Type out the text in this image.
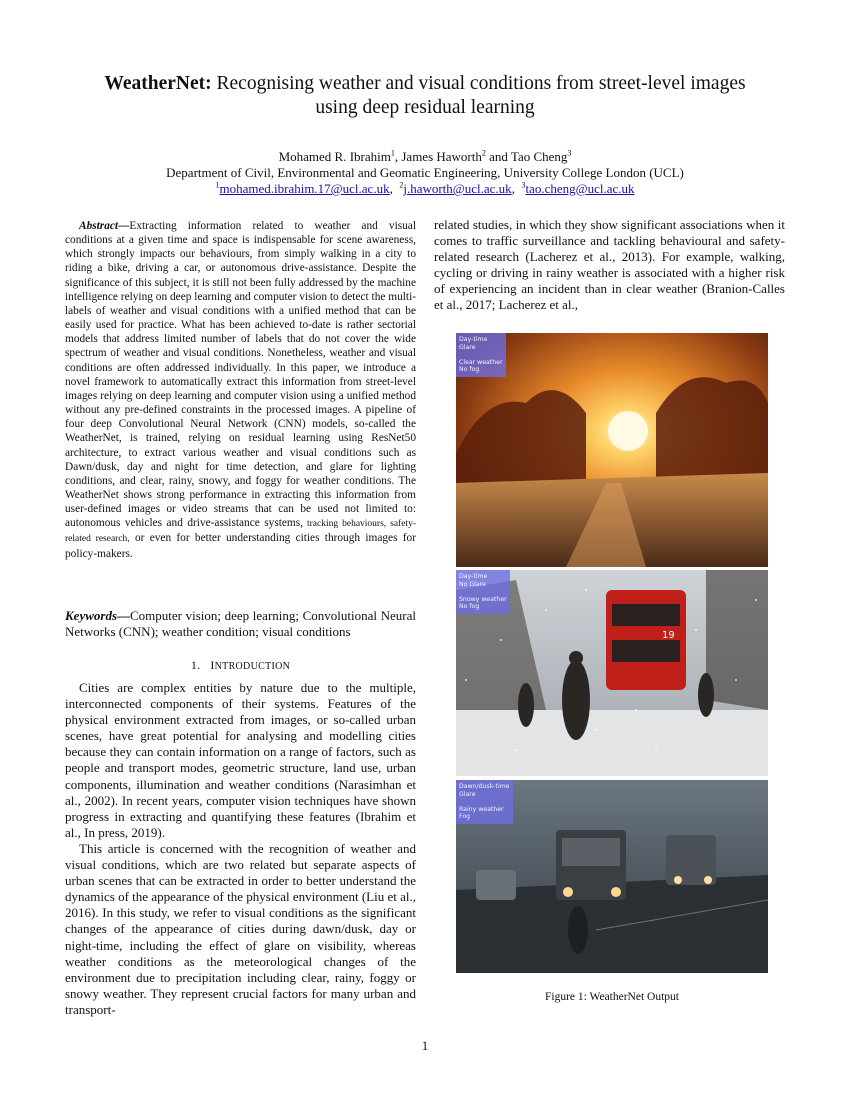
WeatherNet: Recognising weather and visual conditions from street-level images
using deep residual learning
Mohamed R. Ibrahim$^1$, James Haworth$^2$ and Tao Cheng$^3$
Department of Civil, Environmental and Geomatic Engineering, University College London (UCL)
$^1$mohamed.ibrahim.17@ucl.ac.uk,  $^2$j.haworth@ucl.ac.uk,  $^3$tao.cheng@ucl.ac.uk
Abstract—Extracting information related to weather and visual conditions at a given time and space is indispensable for scene awareness, which strongly impacts our behaviours, from simply walking in a city to riding a bike, driving a car, or autonomous drive-assistance. Despite the significance of this subject, it is still not been fully addressed by the machine intelligence relying on deep learning and computer vision to detect the multi-labels of weather and visual conditions with a unified method that can be easily used for practice. What has been achieved to-date is rather sectorial models that address limited number of labels that do not cover the wide spectrum of weather and visual conditions. Nonetheless, weather and visual conditions are often addressed individually. In this paper, we introduce a novel framework to automatically extract this information from street-level images relying on deep learning and computer vision using a unified method without any pre-defined constraints in the processed images. A pipeline of four deep Convolutional Neural Network (CNN) models, so-called the WeatherNet, is trained, relying on residual learning using ResNet50 architecture, to extract various weather and visual conditions such as Dawn/dusk, day and night for time detection, and glare for lighting conditions, and clear, rainy, snowy, and foggy for weather conditions. The WeatherNet shows strong performance in extracting this information from user-defined images or video streams that can be used not limited to: autonomous vehicles and drive-assistance systems, tracking behaviours, safety-related research, or even for better understanding cities through images for policy-makers.
Keywords—Computer vision; deep learning; Convolutional Neural Networks (CNN); weather condition; visual conditions
1. INTRODUCTION

Cities are complex entities by nature due to the multiple, interconnected components of their systems. Features of the physical environment extracted from images, or so-called urban scenes, have great potential for analysing and modelling cities because they can contain information on a range of factors, such as people and transport modes, geometric structure, land use, urban components, illumination and weather conditions (Narasimhan et al., 2002). In recent years, computer vision techniques have shown progress in extracting and quantifying these features (Ibrahim et al., In press, 2019).

This article is concerned with the recognition of weather and visual conditions, which are two related but separate aspects of urban scenes that can be extracted in order to better understand the dynamics of the appearance of the physical environment (Liu et al., 2016). In this study, we refer to visual conditions as the significant changes of the appearance of cities during dawn/dusk, day or night-time, including the effect of glare on visibility, whereas weather conditions as the meteorological changes of the environment due to precipitation including clear, rainy, foggy or snowy weather. They represent crucial factors for many urban and transport-

related studies, in which they show significant associations when it comes to traffic surveillance and tackling behavioural and safety-related research (Lacherez et al., 2013). For example, walking, cycling or driving in rainy weather is associated with a higher risk of experiencing an incident than in clear weather (Branion-Calles et al., 2017; Lacherez et al.,

Day-time
Glare

Clear weather
No fog
19
Day-time
No Glare

Snowy weather
No fog
Dawn/dusk-time
Glare

Rainy weather
Fog
Figure 1: WeatherNet Output
1
